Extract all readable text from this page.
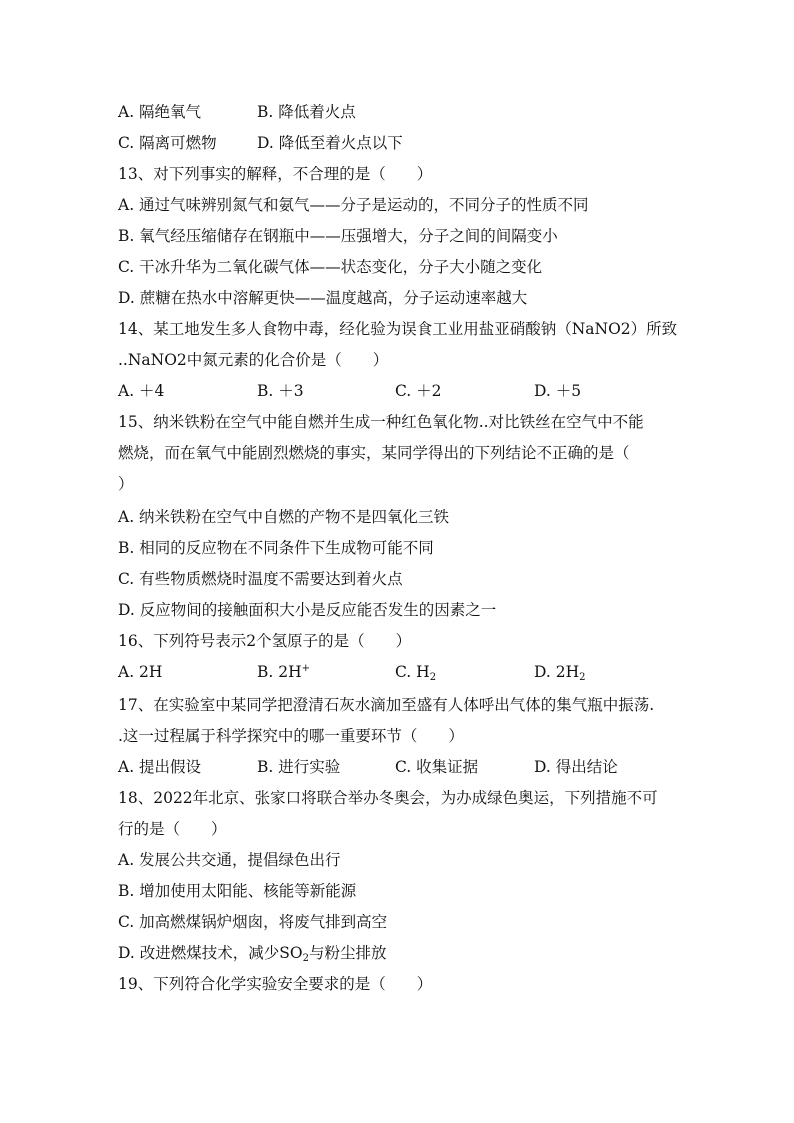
A. 隔绝氧气	B. 降低着火点
C. 隔离可燃物	D. 降低至着火点以下
13、对下列事实的解释，不合理的是（　　）
A. 通过气味辨别氮气和氨气——分子是运动的，不同分子的性质不同
B. 氧气经压缩储存在钢瓶中——压强增大，分子之间的间隔变小
C. 干冰升华为二氧化碳气体——状态变化，分子大小随之变化
D. 蔗糖在热水中溶解更快——温度越高，分子运动速率越大
14、某工地发生多人食物中毒，经化验为误食工业用盐亚硝酸钠（NaNO2）所致
..NaNO2中氮元素的化合价是（　　）
A. ＋4	B. ＋3	C. ＋2	D. ＋5
15、纳米铁粉在空气中能自燃并生成一种红色氧化物..对比铁丝在空气中不能
燃烧，而在氧气中能剧烈燃烧的事实，某同学得出的下列结论不正确的是（
）
A. 纳米铁粉在空气中自燃的产物不是四氧化三铁
B. 相同的反应物在不同条件下生成物可能不同
C. 有些物质燃烧时温度不需要达到着火点
D. 反应物间的接触面积大小是反应能否发生的因素之一
16、下列符号表示2个氢原子的是（　　）
A. 2H	B. 2H+	C. $H_2$	D. $2H_2$
17、在实验室中某同学把澄清石灰水滴加至盛有人体呼出气体的集气瓶中振荡.
.这一过程属于科学探究中的哪一重要环节（　　）
A. 提出假设	B. 进行实验	C. 收集证据	D. 得出结论
18、2022年北京、张家口将联合举办冬奥会，为办成绿色奥运，下列措施不可
行的是（　　）
A. 发展公共交通，提倡绿色出行
B. 增加使用太阳能、核能等新能源
C. 加高燃煤锅炉烟囱，将废气排到高空
D. 改进燃煤技术，减少$SO_2$与粉尘排放
19、下列符合化学实验安全要求的是（　　）
